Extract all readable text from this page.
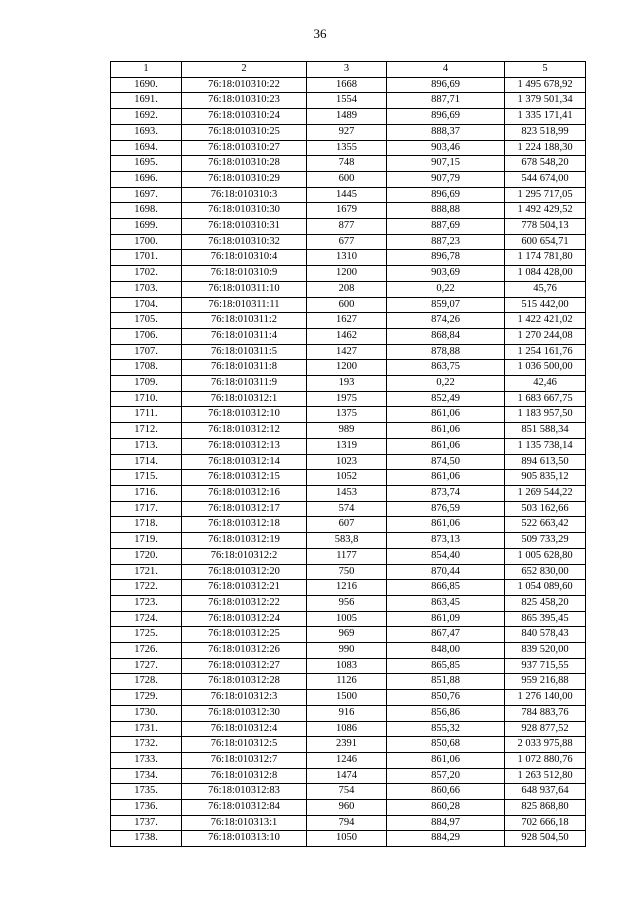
36
1	2	3	4	5
1690.	76:18:010310:22	1668	896,69	1 495 678,92
1691.	76:18:010310:23	1554	887,71	1 379 501,34
1692.	76:18:010310:24	1489	896,69	1 335 171,41
1693.	76:18:010310:25	927	888,37	823 518,99
1694.	76:18:010310:27	1355	903,46	1 224 188,30
1695.	76:18:010310:28	748	907,15	678 548,20
1696.	76:18:010310:29	600	907,79	544 674,00
1697.	76:18:010310:3	1445	896,69	1 295 717,05
1698.	76:18:010310:30	1679	888,88	1 492 429,52
1699.	76:18:010310:31	877	887,69	778 504,13
1700.	76:18:010310:32	677	887,23	600 654,71
1701.	76:18:010310:4	1310	896,78	1 174 781,80
1702.	76:18:010310:9	1200	903,69	1 084 428,00
1703.	76:18:010311:10	208	0,22	45,76
1704.	76:18:010311:11	600	859,07	515 442,00
1705.	76:18:010311:2	1627	874,26	1 422 421,02
1706.	76:18:010311:4	1462	868,84	1 270 244,08
1707.	76:18:010311:5	1427	878,88	1 254 161,76
1708.	76:18:010311:8	1200	863,75	1 036 500,00
1709.	76:18:010311:9	193	0,22	42,46
1710.	76:18:010312:1	1975	852,49	1 683 667,75
1711.	76:18:010312:10	1375	861,06	1 183 957,50
1712.	76:18:010312:12	989	861,06	851 588,34
1713.	76:18:010312:13	1319	861,06	1 135 738,14
1714.	76:18:010312:14	1023	874,50	894 613,50
1715.	76:18:010312:15	1052	861,06	905 835,12
1716.	76:18:010312:16	1453	873,74	1 269 544,22
1717.	76:18:010312:17	574	876,59	503 162,66
1718.	76:18:010312:18	607	861,06	522 663,42
1719.	76:18:010312:19	583,8	873,13	509 733,29
1720.	76:18:010312:2	1177	854,40	1 005 628,80
1721.	76:18:010312:20	750	870,44	652 830,00
1722.	76:18:010312:21	1216	866,85	1 054 089,60
1723.	76:18:010312:22	956	863,45	825 458,20
1724.	76:18:010312:24	1005	861,09	865 395,45
1725.	76:18:010312:25	969	867,47	840 578,43
1726.	76:18:010312:26	990	848,00	839 520,00
1727.	76:18:010312:27	1083	865,85	937 715,55
1728.	76:18:010312:28	1126	851,88	959 216,88
1729.	76:18:010312:3	1500	850,76	1 276 140,00
1730.	76:18:010312:30	916	856,86	784 883,76
1731.	76:18:010312:4	1086	855,32	928 877,52
1732.	76:18:010312:5	2391	850,68	2 033 975,88
1733.	76:18:010312:7	1246	861,06	1 072 880,76
1734.	76:18:010312:8	1474	857,20	1 263 512,80
1735.	76:18:010312:83	754	860,66	648 937,64
1736.	76:18:010312:84	960	860,28	825 868,80
1737.	76:18:010313:1	794	884,97	702 666,18
1738.	76:18:010313:10	1050	884,29	928 504,50
